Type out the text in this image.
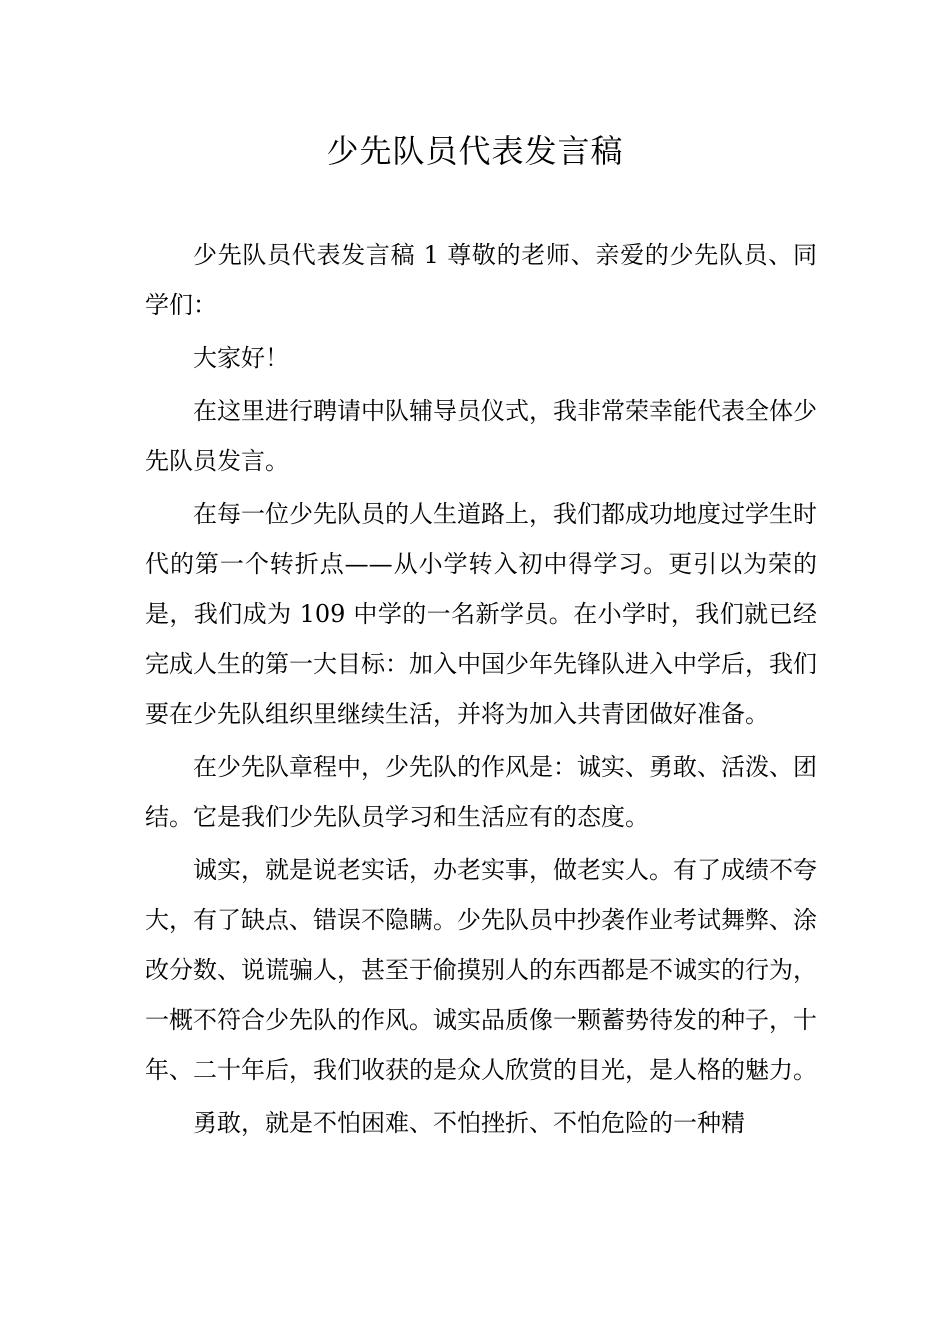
少先队员代表发言稿

少先队员代表发言稿 1 尊敬的老师、亲爱的少先队员、同学们：

大家好！

在这里进行聘请中队辅导员仪式，我非常荣幸能代表全体少先队员发言。

在每一位少先队员的人生道路上，我们都成功地度过学生时代的第一个转折点——从小学转入初中得学习。更引以为荣的是，我们成为 109 中学的一名新学员。在小学时，我们就已经完成人生的第一大目标：加入中国少年先锋队进入中学后，我们要在少先队组织里继续生活，并将为加入共青团做好准备。

在少先队章程中，少先队的作风是：诚实、勇敢、活泼、团结。它是我们少先队员学习和生活应有的态度。

诚实，就是说老实话，办老实事，做老实人。有了成绩不夸大，有了缺点、错误不隐瞒。少先队员中抄袭作业考试舞弊、涂改分数、说谎骗人，甚至于偷摸别人的东西都是不诚实的行为，一概不符合少先队的作风。诚实品质像一颗蓄势待发的种子，十年、二十年后，我们收获的是众人欣赏的目光，是人格的魅力。

勇敢，就是不怕困难、不怕挫折、不怕危险的一种精
